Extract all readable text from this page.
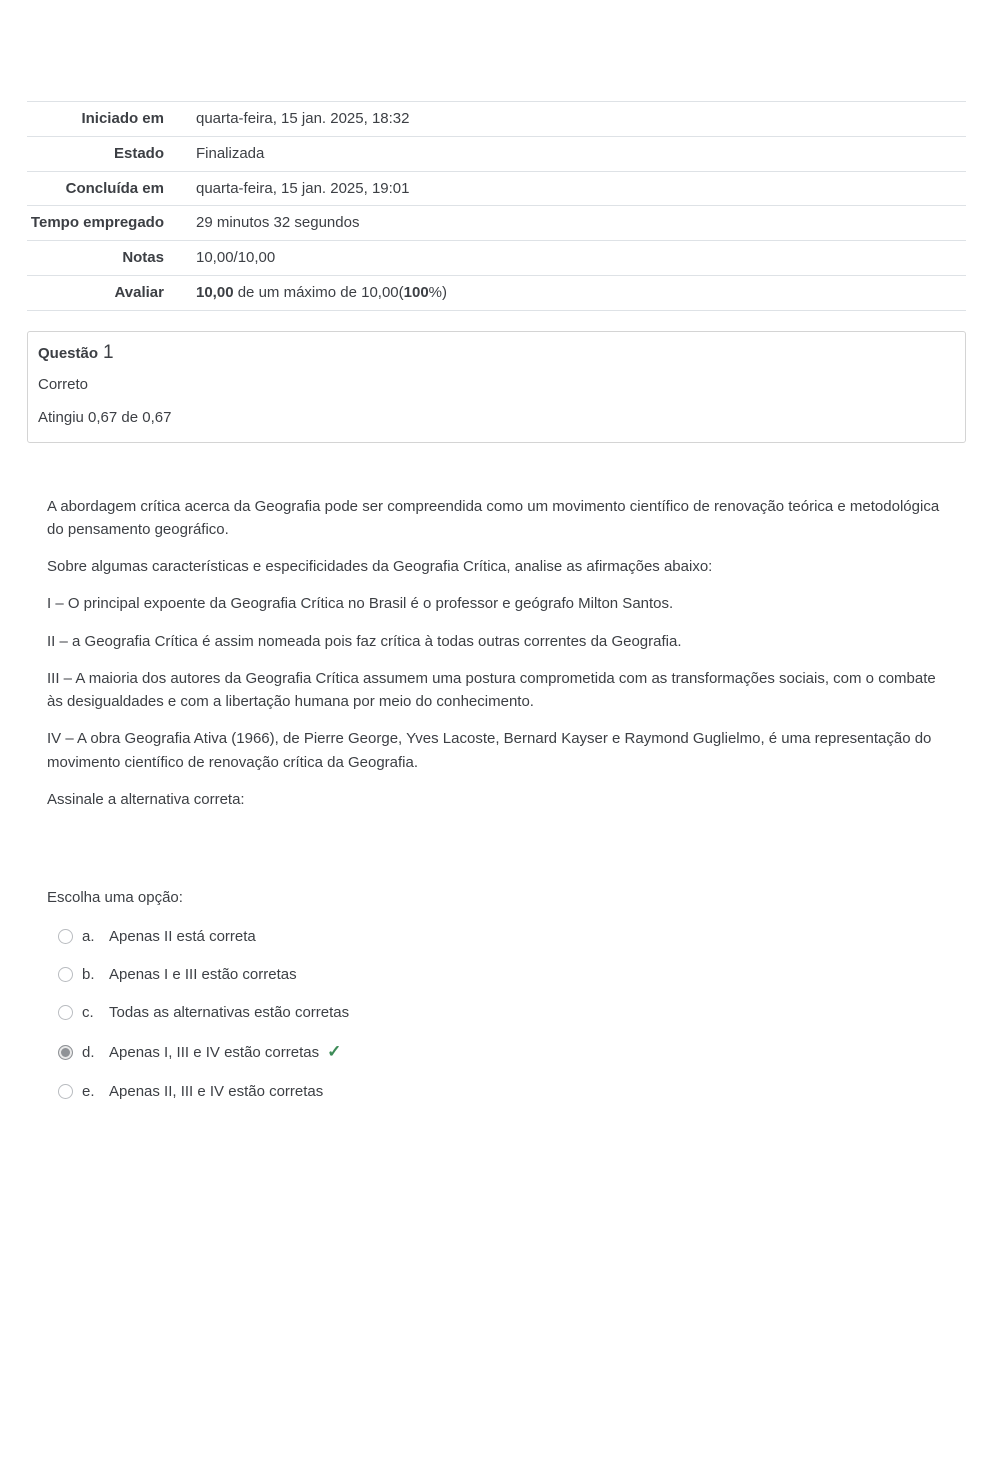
Iniciado em	quarta-feira, 15 jan. 2025, 18:32
Estado	Finalizada
Concluída em	quarta-feira, 15 jan. 2025, 19:01
Tempo empregado	29 minutos 32 segundos
Notas	10,00/10,00
Avaliar	10,00 de um máximo de 10,00(100%)
Questão 1
Correto
Atingiu 0,67 de 0,67

A abordagem crítica acerca da Geografia pode ser compreendida como um movimento científico de renovação teórica e metodológica do pensamento geográfico.

Sobre algumas características e especificidades da Geografia Crítica, analise as afirmações abaixo:

I – O principal expoente da Geografia Crítica no Brasil é o professor e geógrafo Milton Santos.

II – a Geografia Crítica é assim nomeada pois faz crítica à todas outras correntes da Geografia.

III – A maioria dos autores da Geografia Crítica assumem uma postura comprometida com as transformações sociais, com o combate às desigualdades e com a libertação humana por meio do conhecimento.

IV – A obra Geografia Ativa (1966), de Pierre George, Yves Lacoste, Bernard Kayser e Raymond Guglielmo, é uma representação do movimento científico de renovação crítica da Geografia.

Assinale a alternativa correta:

Escolha uma opção:
a. Apenas II está correta
b. Apenas I e III estão corretas
c.	Todas as alternativas estão corretas
d. Apenas I, III e IV estão corretas ✓
e. Apenas II, III e IV estão corretas
